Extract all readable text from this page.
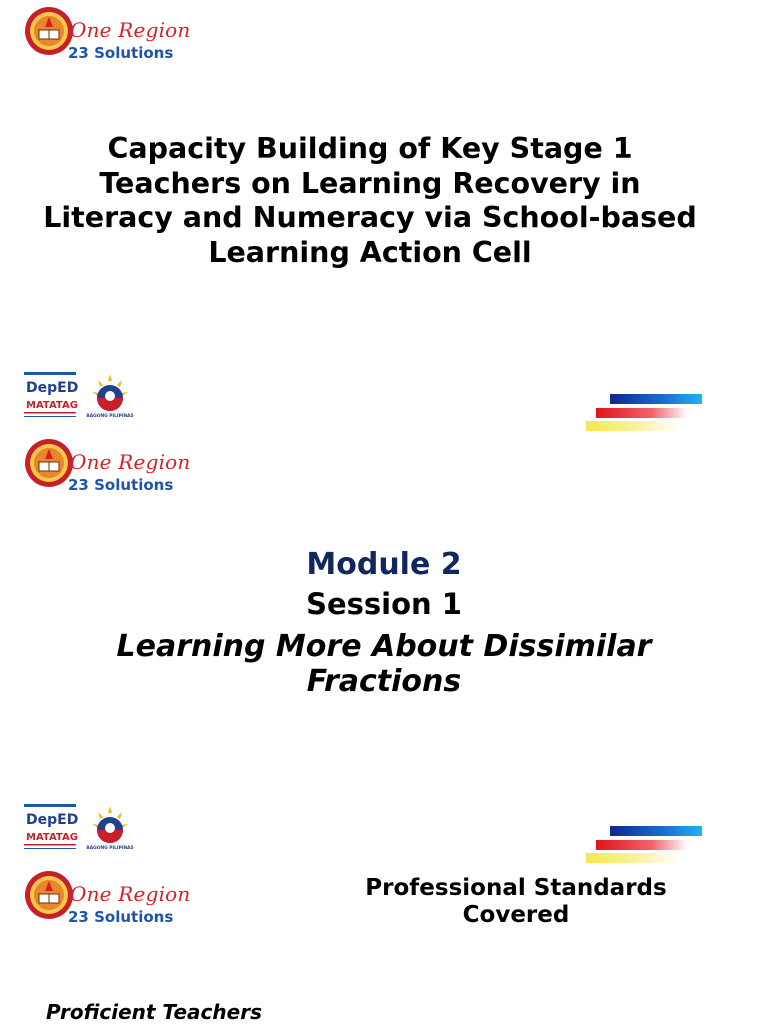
One Region
23 Solutions
Capacity Building of Key Stage 1 Teachers on Learning Recovery in Literacy and Numeracy via School-based Learning Action Cell
DepED
MATATAG
BAGONG PILIPINAS
One Region
23 Solutions
Module 2
Session 1
Learning More About Dissimilar Fractions
DepED
MATATAG
BAGONG PILIPINAS
One Region
23 Solutions
Professional Standards Covered
Proficient Teachers
